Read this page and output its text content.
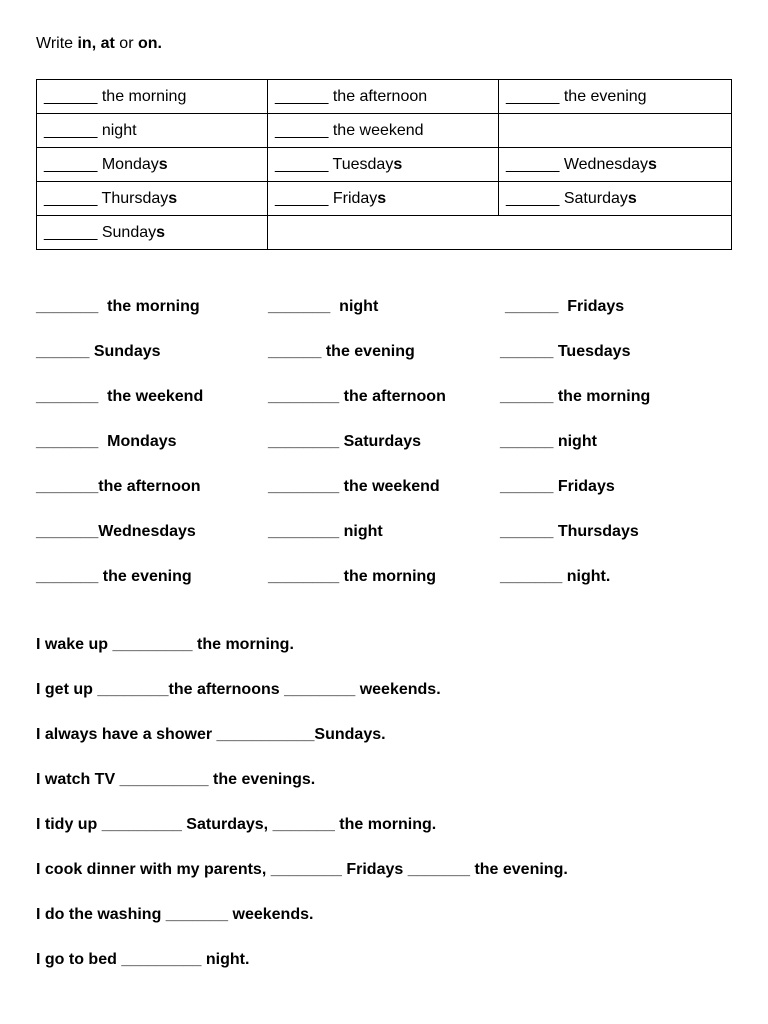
Write in, at or on.
______ the morning	______ the afternoon	______ the evening
______ night	______ the weekend	
______ Mondays	______ Tuesdays	______ Wednesdays
______ Thursdays	______ Fridays	______ Saturdays
______ Sundays		
_______  the morning	_______  night	______  Fridays
______ Sundays	______ the evening	______ Tuesdays
_______  the weekend	________ the afternoon	______ the morning
_______  Mondays	________ Saturdays	______ night
_______the afternoon	________ the weekend	______ Fridays
_______Wednesdays	________ night	______ Thursdays
_______ the evening	________ the morning	_______ night.
I wake up _________ the morning.
I get up ________the afternoons ________ weekends.
I always have a shower ___________Sundays.
I watch TV __________ the evenings.
I tidy up _________ Saturdays, _______ the morning.
I cook dinner with my parents, ________ Fridays _______ the evening.
I do the washing _______ weekends.
I go to bed _________ night.
